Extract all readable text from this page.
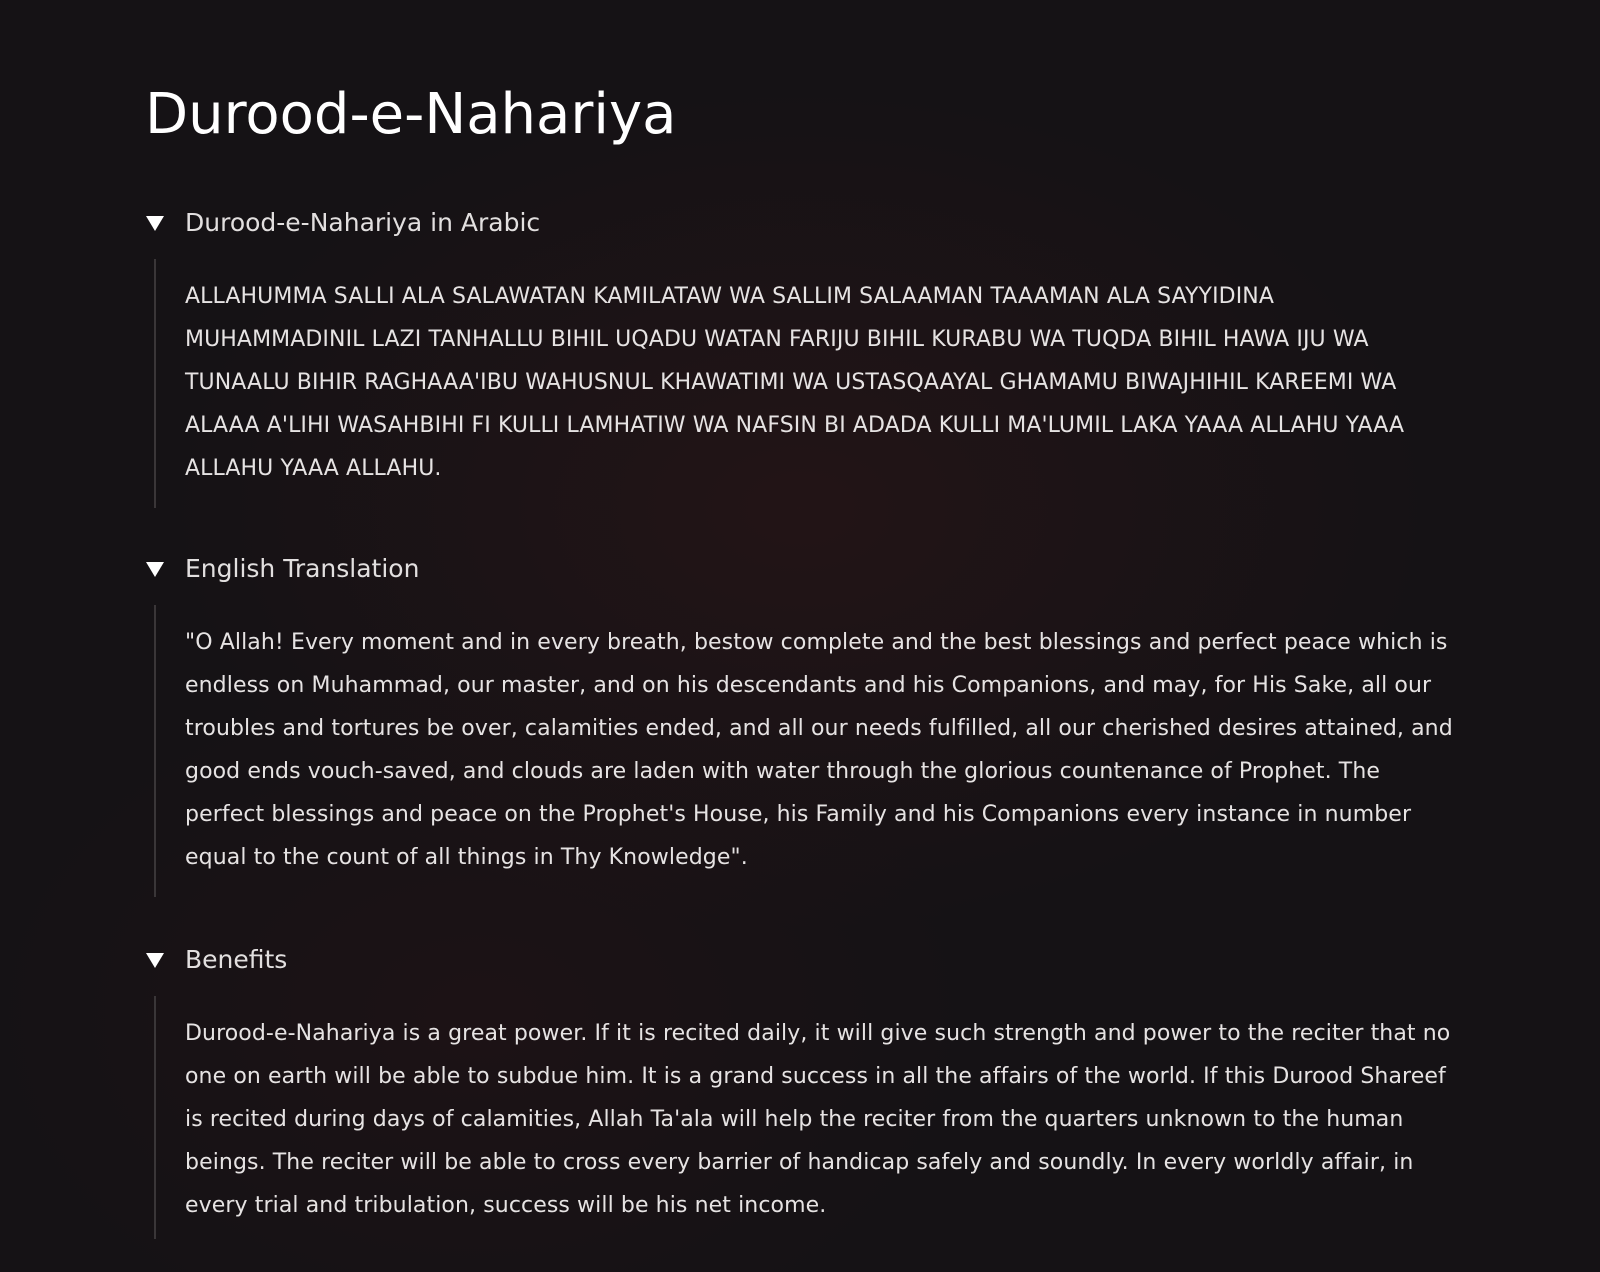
Durood-e-Nahariya
Durood-e-Nahariya in Arabic

ALLAHUMMA SALLI ALA SALAWATAN KAMILATAW WA SALLIM SALAAMAN TAAAMAN ALA SAYYIDINA MUHAMMADINIL LAZI TANHALLU BIHIL UQADU WATAN FARIJU BIHIL KURABU WA TUQDA BIHIL HAWA IJU WA TUNAALU BIHIR RAGHAAA'IBU WAHUSNUL KHAWATIMI WA USTASQAAYAL GHAMAMU BIWAJHIHIL KAREEMI WA ALAAA A'LIHI WASAHBIHI FI KULLI LAMHATIW WA NAFSIN BI ADADA KULLI MA'LUMIL LAKA YAAA ALLAHU YAAA ALLAHU YAAA ALLAHU.

English Translation

"O Allah! Every moment and in every breath, bestow complete and the best blessings and perfect peace which is endless on Muhammad, our master, and on his descendants and his Companions, and may, for His Sake, all our troubles and tortures be over, calamities ended, and all our needs fulfilled, all our cherished desires attained, and good ends vouch-saved, and clouds are laden with water through the glorious countenance of Prophet. The perfect blessings and peace on the Prophet's House, his Family and his Companions every instance in number equal to the count of all things in Thy Knowledge".

Benefits

Durood-e-Nahariya is a great power. If it is recited daily, it will give such strength and power to the reciter that no one on earth will be able to subdue him. It is a grand success in all the affairs of the world. If this Durood Shareef is recited during days of calamities, Allah Ta'ala will help the reciter from the quarters unknown to the human beings. The reciter will be able to cross every barrier of handicap safely and soundly. In every worldly affair, in every trial and tribulation, success will be his net income.
